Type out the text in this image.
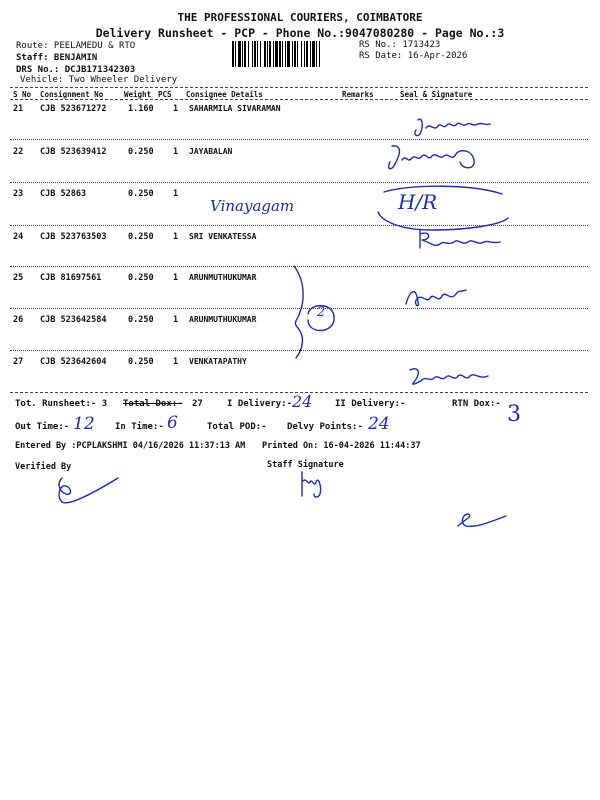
THE PROFESSIONAL COURIERS, COIMBATORE
Delivery Runsheet - PCP - Phone No.:9047080280 - Page No.:3
Route: PEELAMEDU & RTO
Staff: BENJAMIN
DRS No.: DCJB171342303
Vehicle: Two Wheeler Delivery
RS No.: 1713423
RS Date: 16-Apr-2026
S No Consignment No	Weight PCS Consignee Details	Remarks	Seal & Signature
21 CJB 523671272	1.160 1 SAHARMILA SIVARAMAN
22 CJB 523639412	0.250 1 JAYABALAN
23 CJB 52863	0.250 1
24 CJB 523763503	0.250 1 SRI VENKATESSA
25 CJB 81697561	0.250 1 ARUNMUTHUKUMAR
26 CJB 523642584	0.250 1 ARUNMUTHUKUMAR
27 CJB 523642604	0.250 1 VENKATAPATHY
Vinayagam	H/R
2
Tot. Runsheet:- 3 Total Dox:- 27	I Delivery:- 24	II Delivery:-	RTN Dox:- 3
Out Time:- 12 In Time:- 6	Total POD:- Delvy Points:- 24
Entered By :PCPLAKSHMI 04/16/2026 11:37:13 AM Printed On: 16-04-2026 11:44:37
Verified By	Staff Signature
